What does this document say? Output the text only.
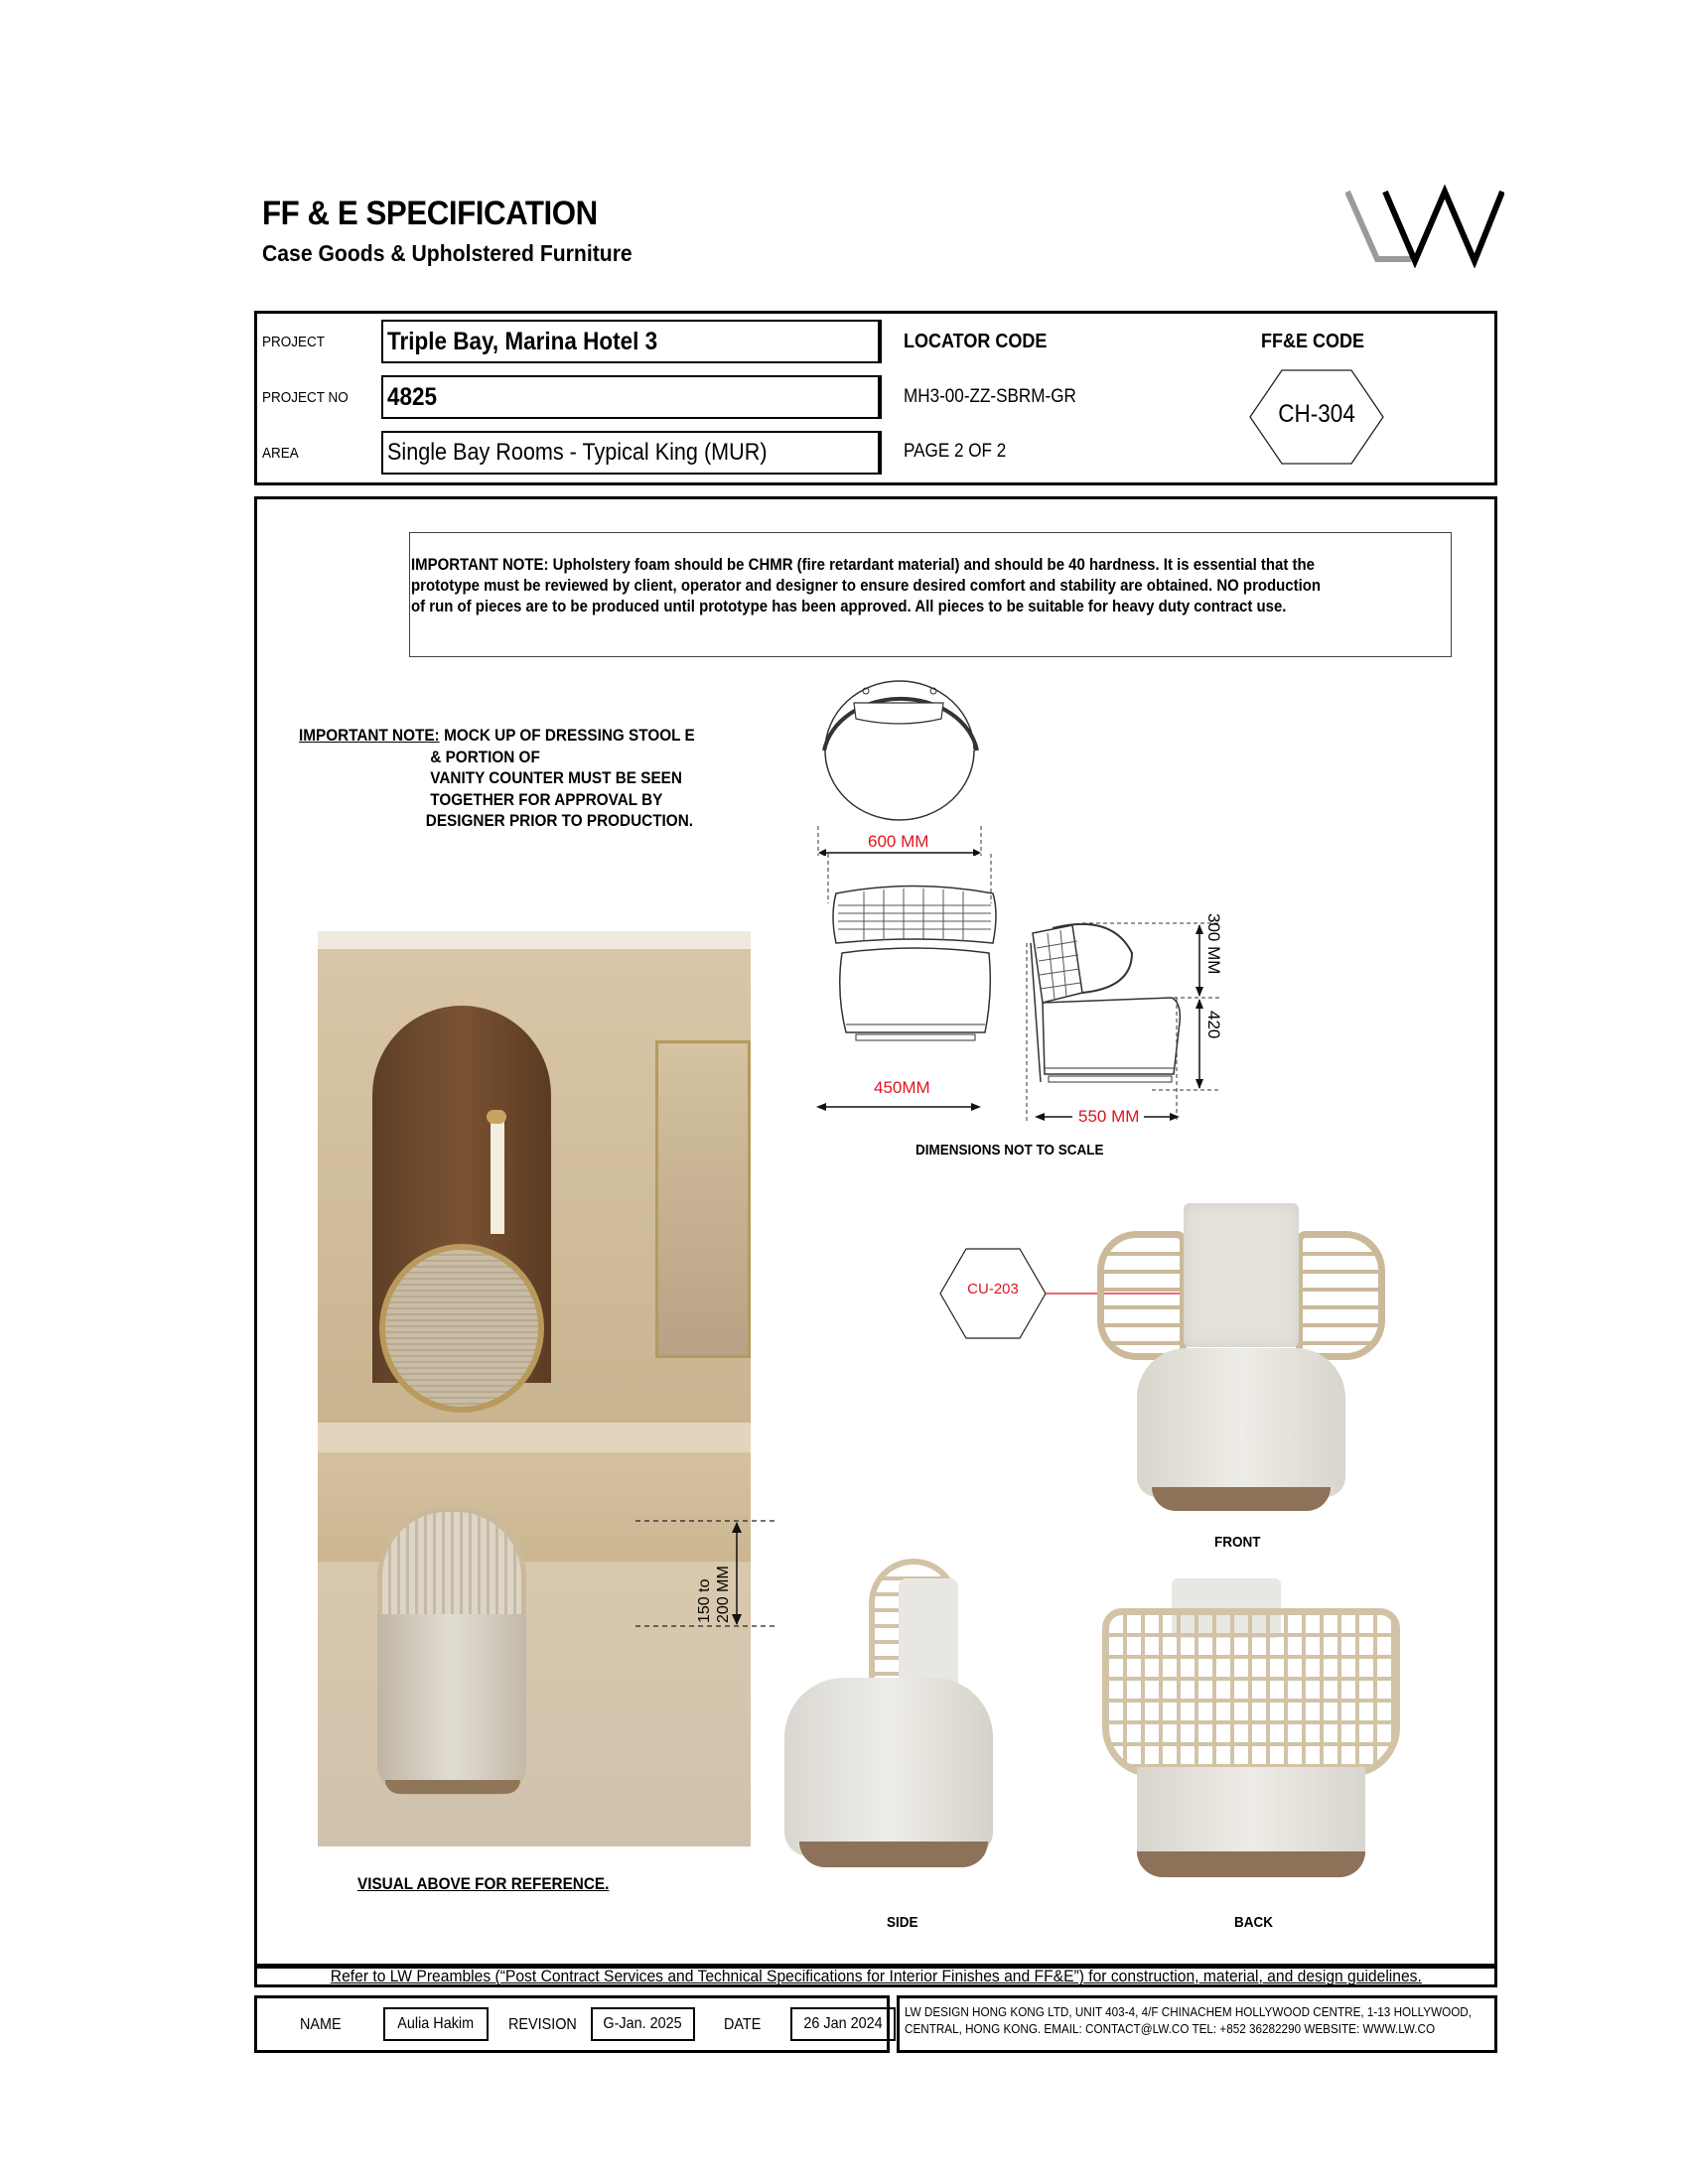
FF & E SPECIFICATION
Case Goods & Upholstered Furniture
PROJECT	Triple Bay, Marina Hotel 3
PROJECT NO 4825
AREA	Single Bay Rooms - Typical King (MUR)
LOCATOR CODE
MH3-00-ZZ-SBRM-GR
PAGE 2 OF 2
FF&E CODE
CH-304
IMPORTANT NOTE: Upholstery foam should be CHMR (fire retardant material) and should be 40 hardness. It is essential that the prototype must be reviewed by client, operator and designer to ensure desired comfort and stability are obtained. NO production of run of pieces are to be produced until prototype has been approved. All pieces to be suitable for heavy duty contract use.
IMPORTANT NOTE: MOCK UP OF DRESSING STOOL E
& PORTION OF
VANITY COUNTER MUST BE SEEN
TOGETHER FOR APPROVAL BY
DESIGNER PRIOR TO PRODUCTION.
600 MM
450MM
300 MM
420
550 MM
DIMENSIONS NOT TO SCALE
150 to 200 MM
VISUAL ABOVE FOR REFERENCE.
CU-203
FRONT
SIDE	BACK
Refer to LW Preambles (“Post Contract Services and Technical Specifications for Interior Finishes and FF&E”) for construction, material, and design guidelines.
NAME	Aulia Hakim REVISION G-Jan. 2025	DATE	26 Jan 2024
LW DESIGN HONG KONG LTD, UNIT 403-4, 4/F CHINACHEM HOLLYWOOD CENTRE, 1-13 HOLLYWOOD,
CENTRAL, HONG KONG. EMAIL: CONTACT@LW.CO TEL: +852 36282290 WEBSITE: WWW.LW.CO
